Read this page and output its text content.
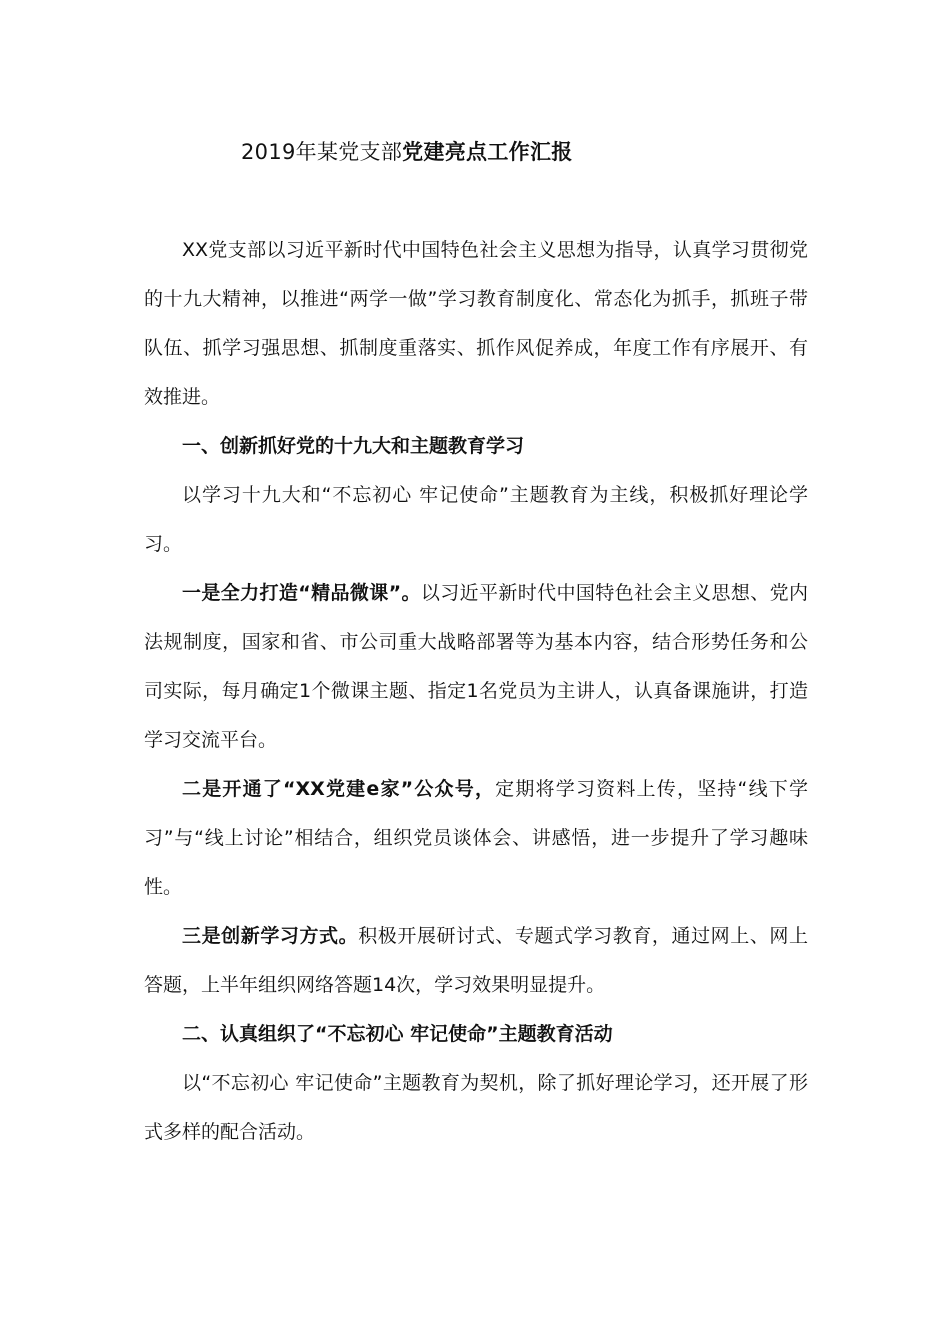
2019年某党支部党建亮点工作汇报

XX党支部以习近平新时代中国特色社会主义思想为指导，认真学习贯彻党的十九大精神，以推进“两学一做”学习教育制度化、常态化为抓手，抓班子带队伍、抓学习强思想、抓制度重落实、抓作风促养成，年度工作有序展开、有效推进。

一、创新抓好党的十九大和主题教育学习

以学习十九大和“不忘初心 牢记使命”主题教育为主线，积极抓好理论学习。

一是全力打造“精品微课”。以习近平新时代中国特色社会主义思想、党内法规制度，国家和省、市公司重大战略部署等为基本内容，结合形势任务和公司实际，每月确定1个微课主题、指定1名党员为主讲人，认真备课施讲，打造学习交流平台。

二是开通了“XX党建e家”公众号，定期将学习资料上传，坚持“线下学习”与“线上讨论”相结合，组织党员谈体会、讲感悟，进一步提升了学习趣味性。

三是创新学习方式。积极开展研讨式、专题式学习教育，通过网上、网上答题，上半年组织网络答题14次，学习效果明显提升。

二、认真组织了“不忘初心 牢记使命”主题教育活动

以“不忘初心 牢记使命”主题教育为契机，除了抓好理论学习，还开展了形式多样的配合活动。
